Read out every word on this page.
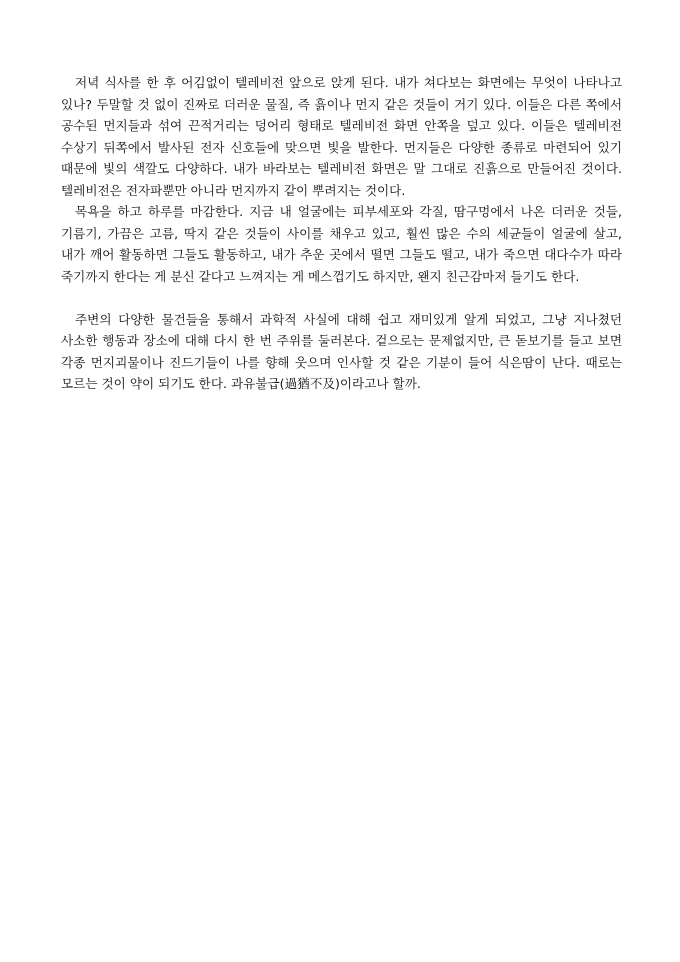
저녁 식사를 한 후 어김없이 텔레비전 앞으로 앉게 된다. 내가 쳐다보는 화면에는 무엇이 나타나고 있나? 두말할 것 없이 진짜로 더러운 물질, 즉 흙이나 먼지 같은 것들이 거기 있다. 이들은 다른 쪽에서 공수된 먼지들과 섞여 끈적거리는 덩어리 형태로 텔레비전 화면 안쪽을 덮고 있다. 이들은 텔레비전 수상기 뒤쪽에서 발사된 전자 신호들에 맞으면 빛을 발한다. 먼지들은 다양한 종류로 마련되어 있기 때문에 빛의 색깔도 다양하다. 내가 바라보는 텔레비전 화면은 말 그대로 진흙으로 만들어진 것이다. 텔레비전은 전자파뿐만 아니라 먼지까지 같이 뿌려지는 것이다.

목욕을 하고 하루를 마감한다. 지금 내 얼굴에는 피부세포와 각질, 땀구멍에서 나온 더러운 것들, 기름기, 가끔은 고름, 딱지 같은 것들이 사이를 채우고 있고, 훨씬 많은 수의 세균들이 얼굴에 살고, 내가 깨어 활동하면 그들도 활동하고, 내가 추운 곳에서 떨면 그들도 떨고, 내가 죽으면 대다수가 따라 죽기까지 한다는 게 분신 같다고 느껴지는 게 메스껍기도 하지만, 왠지 친근감마저 들기도 한다.

주변의 다양한 물건들을 통해서 과학적 사실에 대해 쉽고 재미있게 알게 되었고, 그냥 지나쳤던 사소한 행동과 장소에 대해 다시 한 번 주위를 둘러본다. 겉으로는 문제없지만, 큰 돋보기를 들고 보면 각종 먼지괴물이나 진드기들이 나를 향해 웃으며 인사할 것 같은 기분이 들어 식은땀이 난다. 때로는 모르는 것이 약이 되기도 한다. 과유불급(過猶不及)이라고나 할까.
